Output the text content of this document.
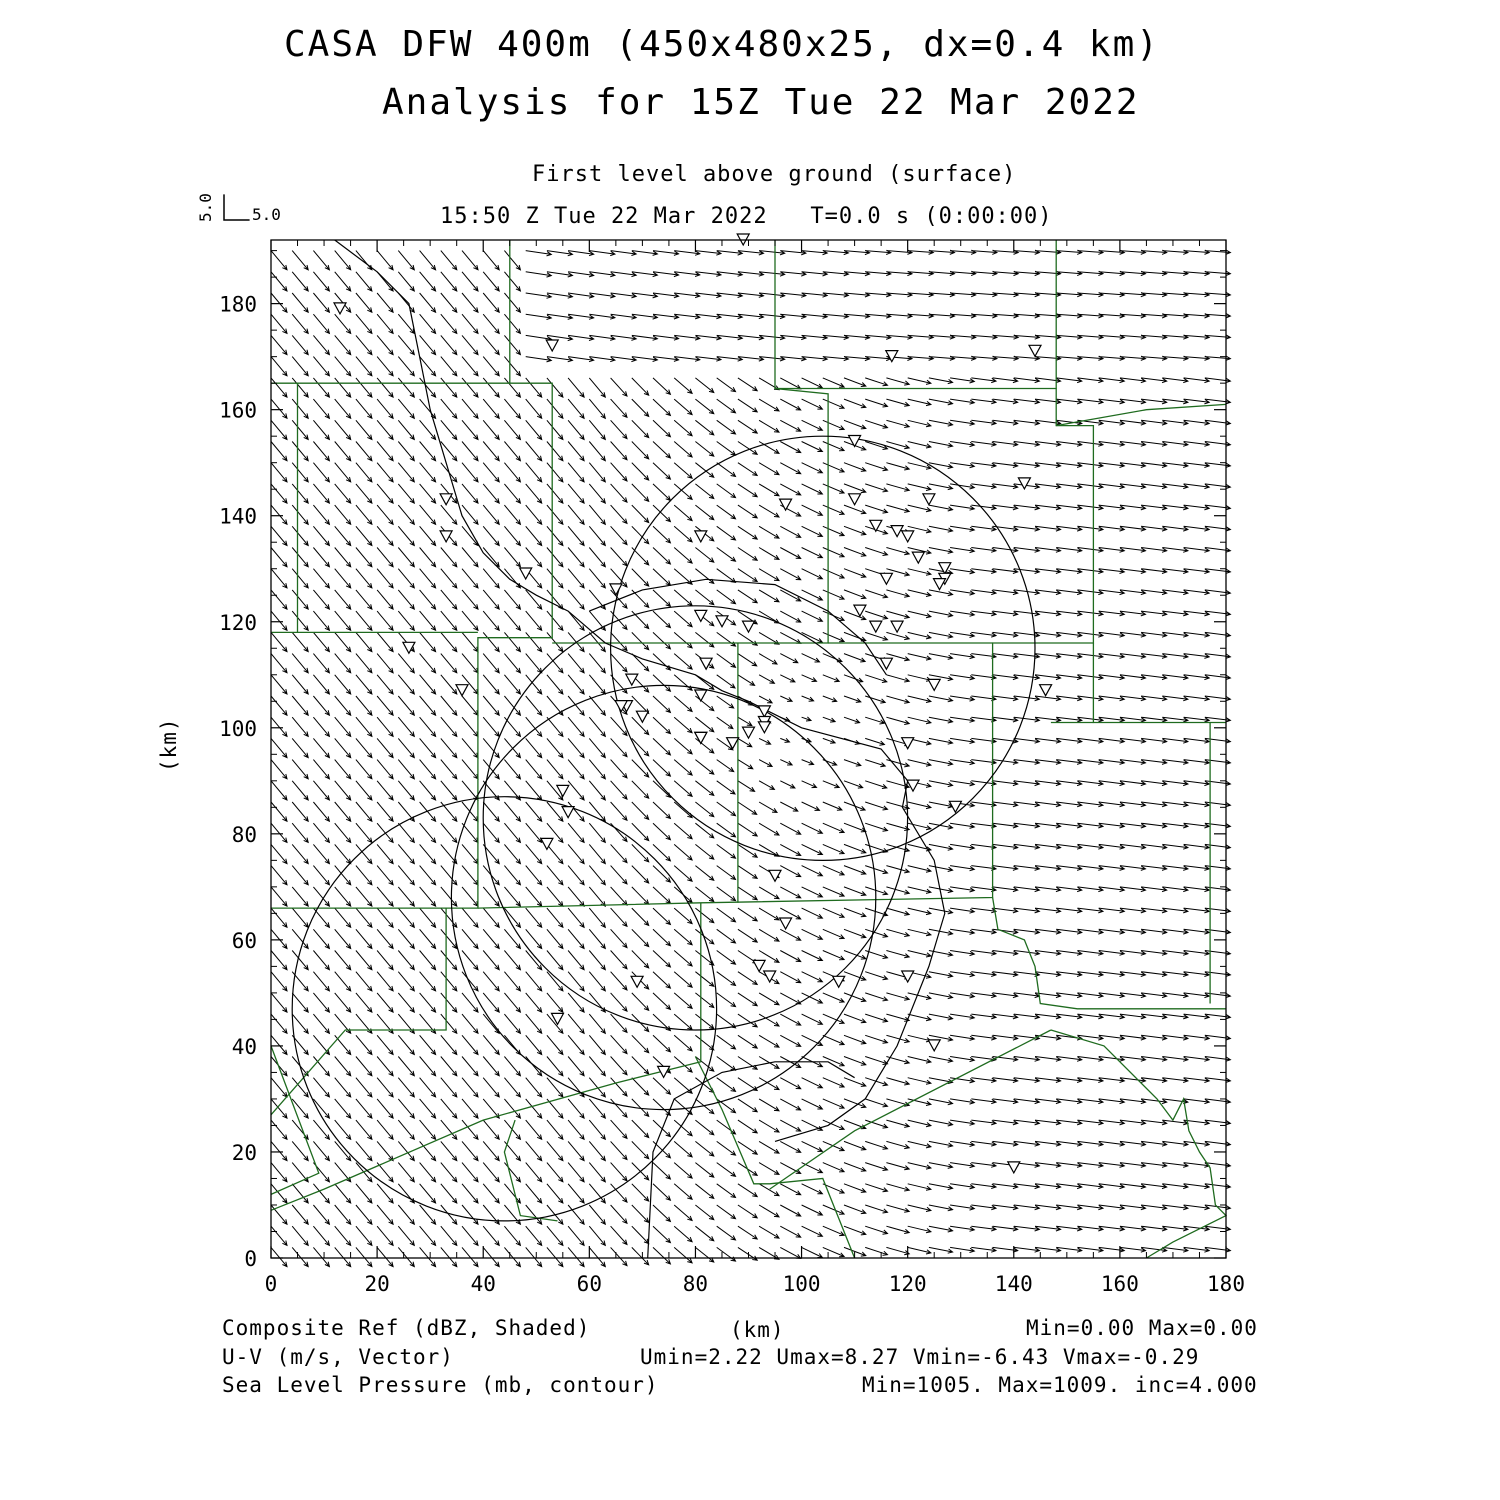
CASA DFW 400m (450x480x25, dx=0.4 km)
Analysis for 15Z Tue 22 Mar 2022
First level above ground (surface)
15:50 Z Tue 22 Mar 2022   T=0.0 s (0:00:00)
5.0
5.0
0	20	40	60	80	100	120	140	160	180
0
20
40
60
80
100
120
140
160
180
(km)
Composite Ref (dBZ, Shaded)	(km)	Min=0.00 Max=0.00
U-V (m/s, Vector)	Umin=2.22 Umax=8.27 Vmin=-6.43 Vmax=-0.29
Sea Level Pressure (mb, contour)	Min=1005. Max=1009. inc=4.000
